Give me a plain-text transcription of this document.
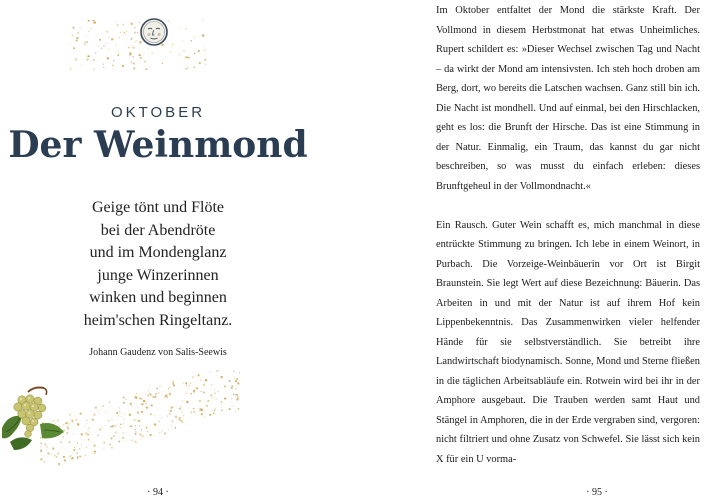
OKTOBER
Der Weinmond
Geige tönt und Flöte
bei der Abendröte
und im Mondenglanz
junge Winzerinnen
winken und beginnen
heim'schen Ringeltanz.
Johann Gaudenz von Salis-Seewis
· 94 ·

Im Oktober entfaltet der Mond die stärkste Kraft. Der Vollmond in diesem Herbstmonat hat etwas Unheimliches. Rupert schildert es: »Dieser Wechsel zwischen Tag und Nacht – da wirkt der Mond am intensivsten. Ich steh hoch droben am Berg, dort, wo bereits die Latschen wachsen. Ganz still bin ich. Die Nacht ist mondhell. Und auf einmal, bei den Hirschlacken, geht es los: die Brunft der Hirsche. Das ist eine Stimmung in der Natur. Einmalig, ein Traum, das kannst du gar nicht beschreiben, so was musst du einfach erleben: dieses Brunftgeheul in der Vollmondnacht.«

Ein Rausch. Guter Wein schafft es, mich manchmal in diese entrückte Stimmung zu bringen. Ich lebe in einem Weinort, in Purbach. Die Vorzeige-Weinbäuerin vor Ort ist Birgit Braunstein. Sie legt Wert auf diese Bezeichnung: Bäuerin. Das Arbeiten in und mit der Natur ist auf ihrem Hof kein Lippenbekenntnis. Das Zusammenwirken vieler helfender Hände für sie selbstverständlich. Sie betreibt ihre Landwirtschaft biodynamisch. Sonne, Mond und Sterne fließen in die täglichen Arbeitsabläufe ein. Rotwein wird bei ihr in der Amphore ausgebaut. Die Trauben werden samt Haut und Stängel in Amphoren, die in der Erde vergraben sind, vergoren: nicht filtriert und ohne Zusatz von Schwefel. Sie lässt sich kein X für ein U vorma-

· 95 ·
